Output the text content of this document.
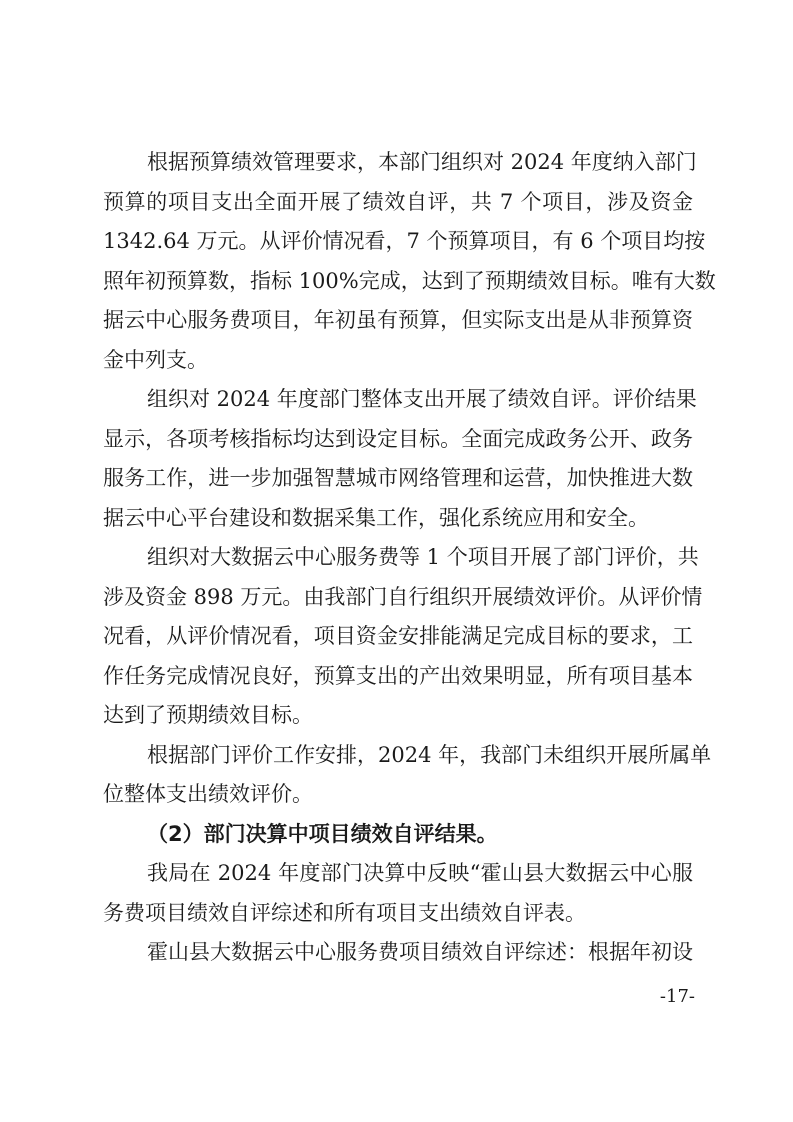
根据预算绩效管理要求，本部门组织对 2024 年度纳入部门
预算的项目支出全面开展了绩效自评，共 7 个项目，涉及资金
1342.64 万元。从评价情况看，7 个预算项目，有 6 个项目均按
照年初预算数，指标 100%完成，达到了预期绩效目标。唯有大数
据云中心服务费项目，年初虽有预算，但实际支出是从非预算资
金中列支。
组织对 2024 年度部门整体支出开展了绩效自评。评价结果
显示，各项考核指标均达到设定目标。全面完成政务公开、政务
服务工作，进一步加强智慧城市网络管理和运营，加快推进大数
据云中心平台建设和数据采集工作，强化系统应用和安全。
组织对大数据云中心服务费等 1 个项目开展了部门评价，共
涉及资金 898 万元。由我部门自行组织开展绩效评价。从评价情
况看，从评价情况看，项目资金安排能满足完成目标的要求，工
作任务完成情况良好，预算支出的产出效果明显，所有项目基本
达到了预期绩效目标。
根据部门评价工作安排，2024 年，我部门未组织开展所属单
位整体支出绩效评价。
（2）部门决算中项目绩效自评结果。
我局在 2024 年度部门决算中反映“霍山县大数据云中心服
务费项目绩效自评综述和所有项目支出绩效自评表。
霍山县大数据云中心服务费项目绩效自评综述：根据年初设
-17-
